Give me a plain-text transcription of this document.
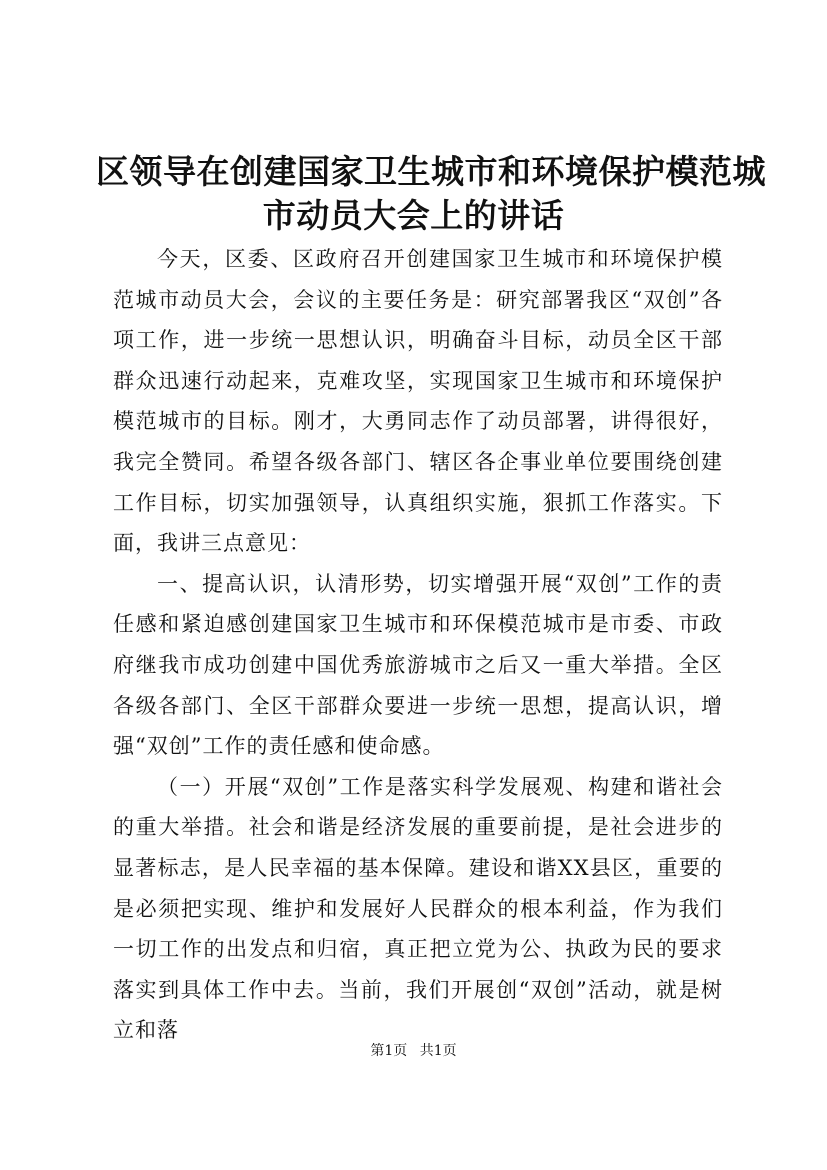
区领导在创建国家卫生城市和环境保护模范城
市动员大会上的讲话

今天，区委、区政府召开创建国家卫生城市和环境保护模范城市动员大会，会议的主要任务是：研究部署我区“双创”各项工作，进一步统一思想认识，明确奋斗目标，动员全区干部群众迅速行动起来，克难攻坚，实现国家卫生城市和环境保护模范城市的目标。刚才，大勇同志作了动员部署，讲得很好，我完全赞同。希望各级各部门、辖区各企事业单位要围绕创建工作目标，切实加强领导，认真组织实施，狠抓工作落实。下面，我讲三点意见：

一、提高认识，认清形势，切实增强开展“双创”工作的责任感和紧迫感创建国家卫生城市和环保模范城市是市委、市政府继我市成功创建中国优秀旅游城市之后又一重大举措。全区各级各部门、全区干部群众要进一步统一思想，提高认识，增强“双创”工作的责任感和使命感。

（一）开展“双创”工作是落实科学发展观、构建和谐社会的重大举措。社会和谐是经济发展的重要前提，是社会进步的显著标志，是人民幸福的基本保障。建设和谐XX县区，重要的是必须把实现、维护和发展好人民群众的根本利益，作为我们一切工作的出发点和归宿，真正把立党为公、执政为民的要求落实到具体工作中去。当前，我们开展创“双创”活动，就是树立和落

第1页 共1页
